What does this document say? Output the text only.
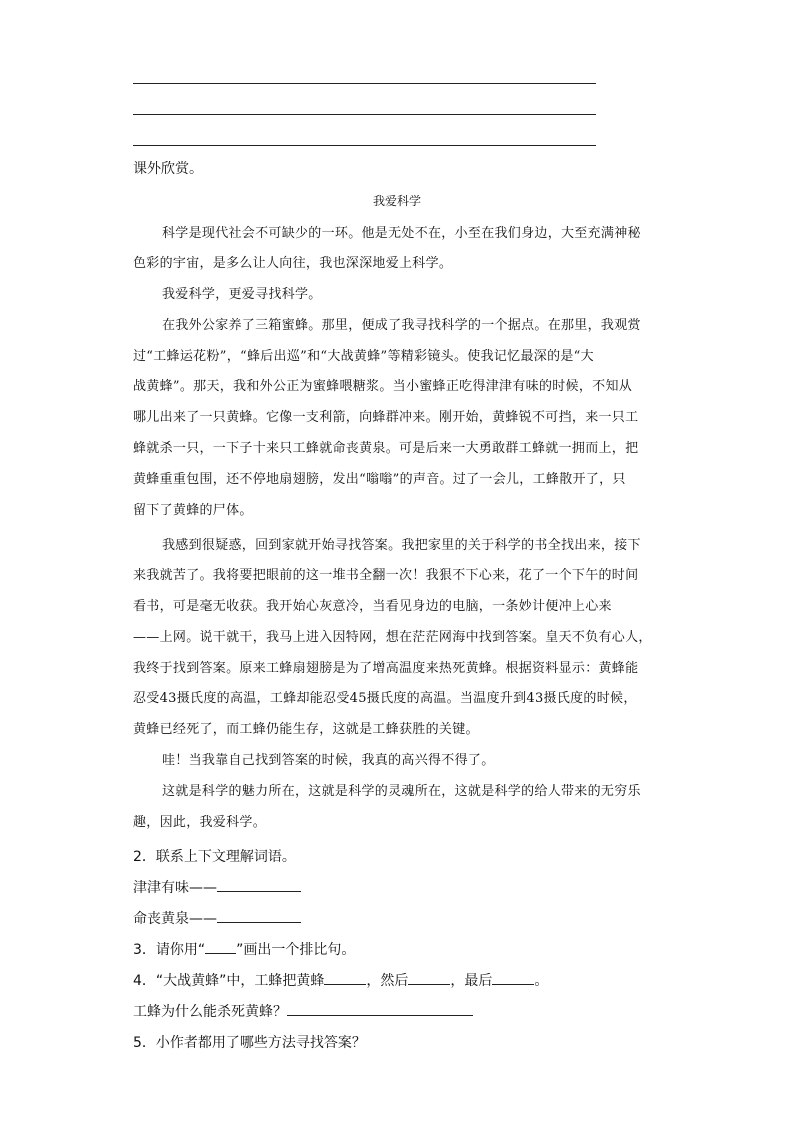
课外欣赏。
我爱科学
科学是现代社会不可缺少的一环。他是无处不在，小至在我们身边，大至充满神秘
色彩的宇宙，是多么让人向往，我也深深地爱上科学。
我爱科学，更爱寻找科学。
在我外公家养了三箱蜜蜂。那里，便成了我寻找科学的一个据点。在那里，我观赏
过“工蜂运花粉”，“蜂后出巡”和“大战黄蜂”等精彩镜头。使我记忆最深的是“大
战黄蜂”。那天，我和外公正为蜜蜂喂糖浆。当小蜜蜂正吃得津津有味的时候，不知从
哪儿出来了一只黄蜂。它像一支利箭，向蜂群冲来。刚开始，黄蜂锐不可挡，来一只工
蜂就杀一只，一下子十来只工蜂就命丧黄泉。可是后来一大勇敢群工蜂就一拥而上，把
黄蜂重重包围，还不停地扇翅膀，发出“嗡嗡”的声音。过了一会儿，工蜂散开了，只
留下了黄蜂的尸体。
我感到很疑惑，回到家就开始寻找答案。我把家里的关于科学的书全找出来，接下
来我就苦了。我将要把眼前的这一堆书全翻一次！我狠不下心来，花了一个下午的时间
看书，可是毫无收获。我开始心灰意冷，当看见身边的电脑，一条妙计便冲上心来
——上网。说干就干，我马上进入因特网，想在茫茫网海中找到答案。皇天不负有心人，
我终于找到答案。原来工蜂扇翅膀是为了增高温度来热死黄蜂。根据资料显示：黄蜂能
忍受43摄氏度的高温，工蜂却能忍受45摄氏度的高温。当温度升到43摄氏度的时候，
黄蜂已经死了，而工蜂仍能生存，这就是工蜂获胜的关键。
哇！当我靠自己找到答案的时候，我真的高兴得不得了。
这就是科学的魅力所在，这就是科学的灵魂所在，这就是科学的给人带来的无穷乐
趣，因此，我爱科学。
2．联系上下文理解词语。
津津有味——
命丧黄泉——
3．请你用“ ”画出一个排比句。
4．“大战黄蜂”中，工蜂把黄蜂	，然后	，最后	。
工蜂为什么能杀死黄蜂？
5．小作者都用了哪些方法寻找答案？
